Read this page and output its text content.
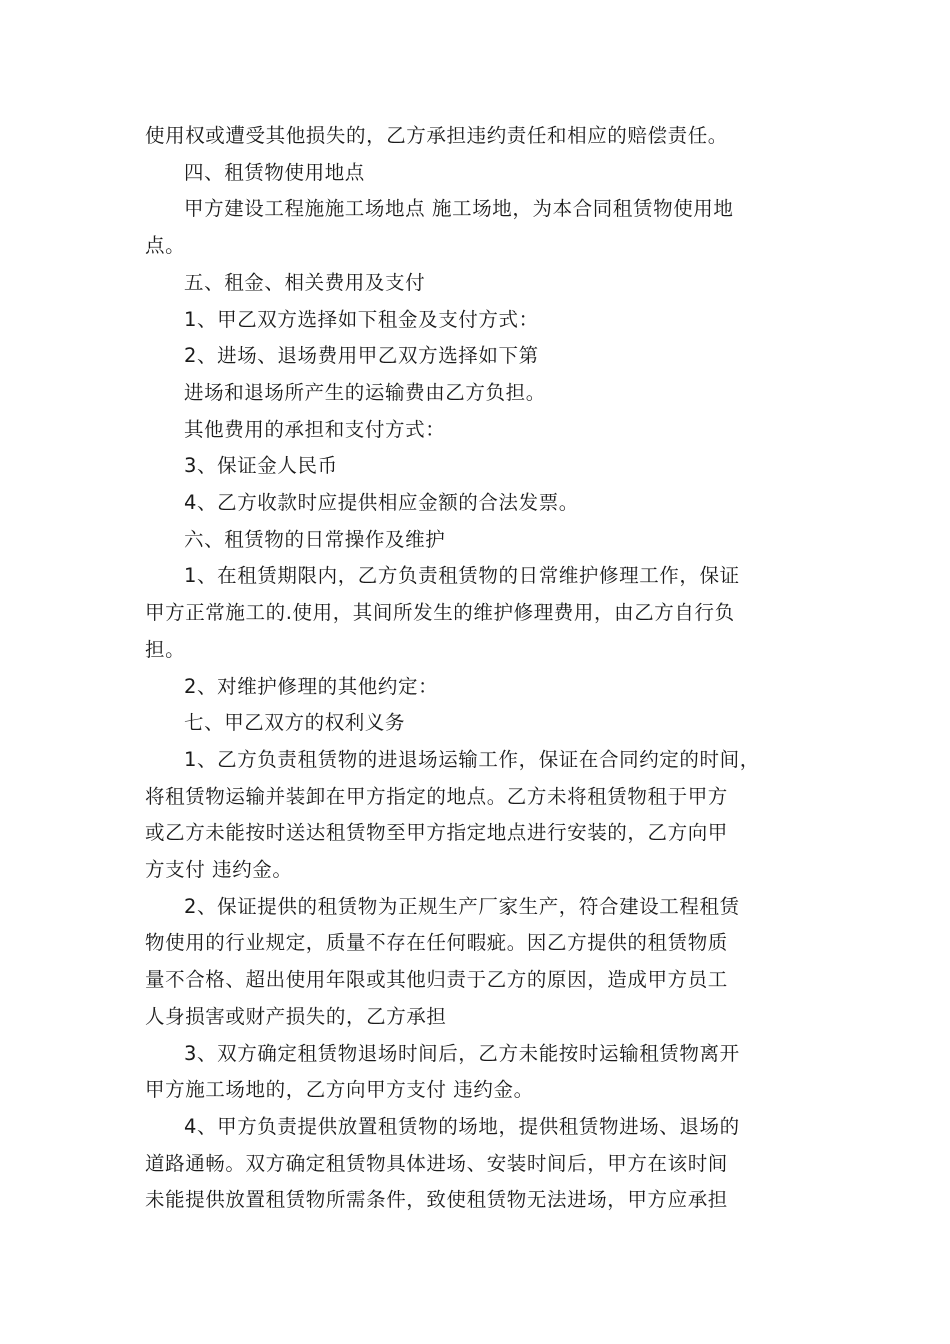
使用权或遭受其他损失的，乙方承担违约责任和相应的赔偿责任。
四、租赁物使用地点
甲方建设工程施施工场地点 施工场地，为本合同租赁物使用地
点。
五、租金、相关费用及支付
1、甲乙双方选择如下租金及支付方式：
2、进场、退场费用甲乙双方选择如下第
进场和退场所产生的运输费由乙方负担。
其他费用的承担和支付方式：
3、保证金人民币
4、乙方收款时应提供相应金额的合法发票。
六、租赁物的日常操作及维护
1、在租赁期限内，乙方负责租赁物的日常维护修理工作，保证
甲方正常施工的.使用，其间所发生的维护修理费用，由乙方自行负
担。
2、对维护修理的其他约定：
七、甲乙双方的权利义务
1、乙方负责租赁物的进退场运输工作，保证在合同约定的时间，
将租赁物运输并装卸在甲方指定的地点。乙方未将租赁物租于甲方
或乙方未能按时送达租赁物至甲方指定地点进行安装的，乙方向甲
方支付 违约金。
2、保证提供的租赁物为正规生产厂家生产，符合建设工程租赁
物使用的行业规定，质量不存在任何暇疵。因乙方提供的租赁物质
量不合格、超出使用年限或其他归责于乙方的原因，造成甲方员工
人身损害或财产损失的，乙方承担
3、双方确定租赁物退场时间后，乙方未能按时运输租赁物离开
甲方施工场地的，乙方向甲方支付 违约金。
4、甲方负责提供放置租赁物的场地，提供租赁物进场、退场的
道路通畅。双方确定租赁物具体进场、安装时间后，甲方在该时间
未能提供放置租赁物所需条件，致使租赁物无法进场，甲方应承担
